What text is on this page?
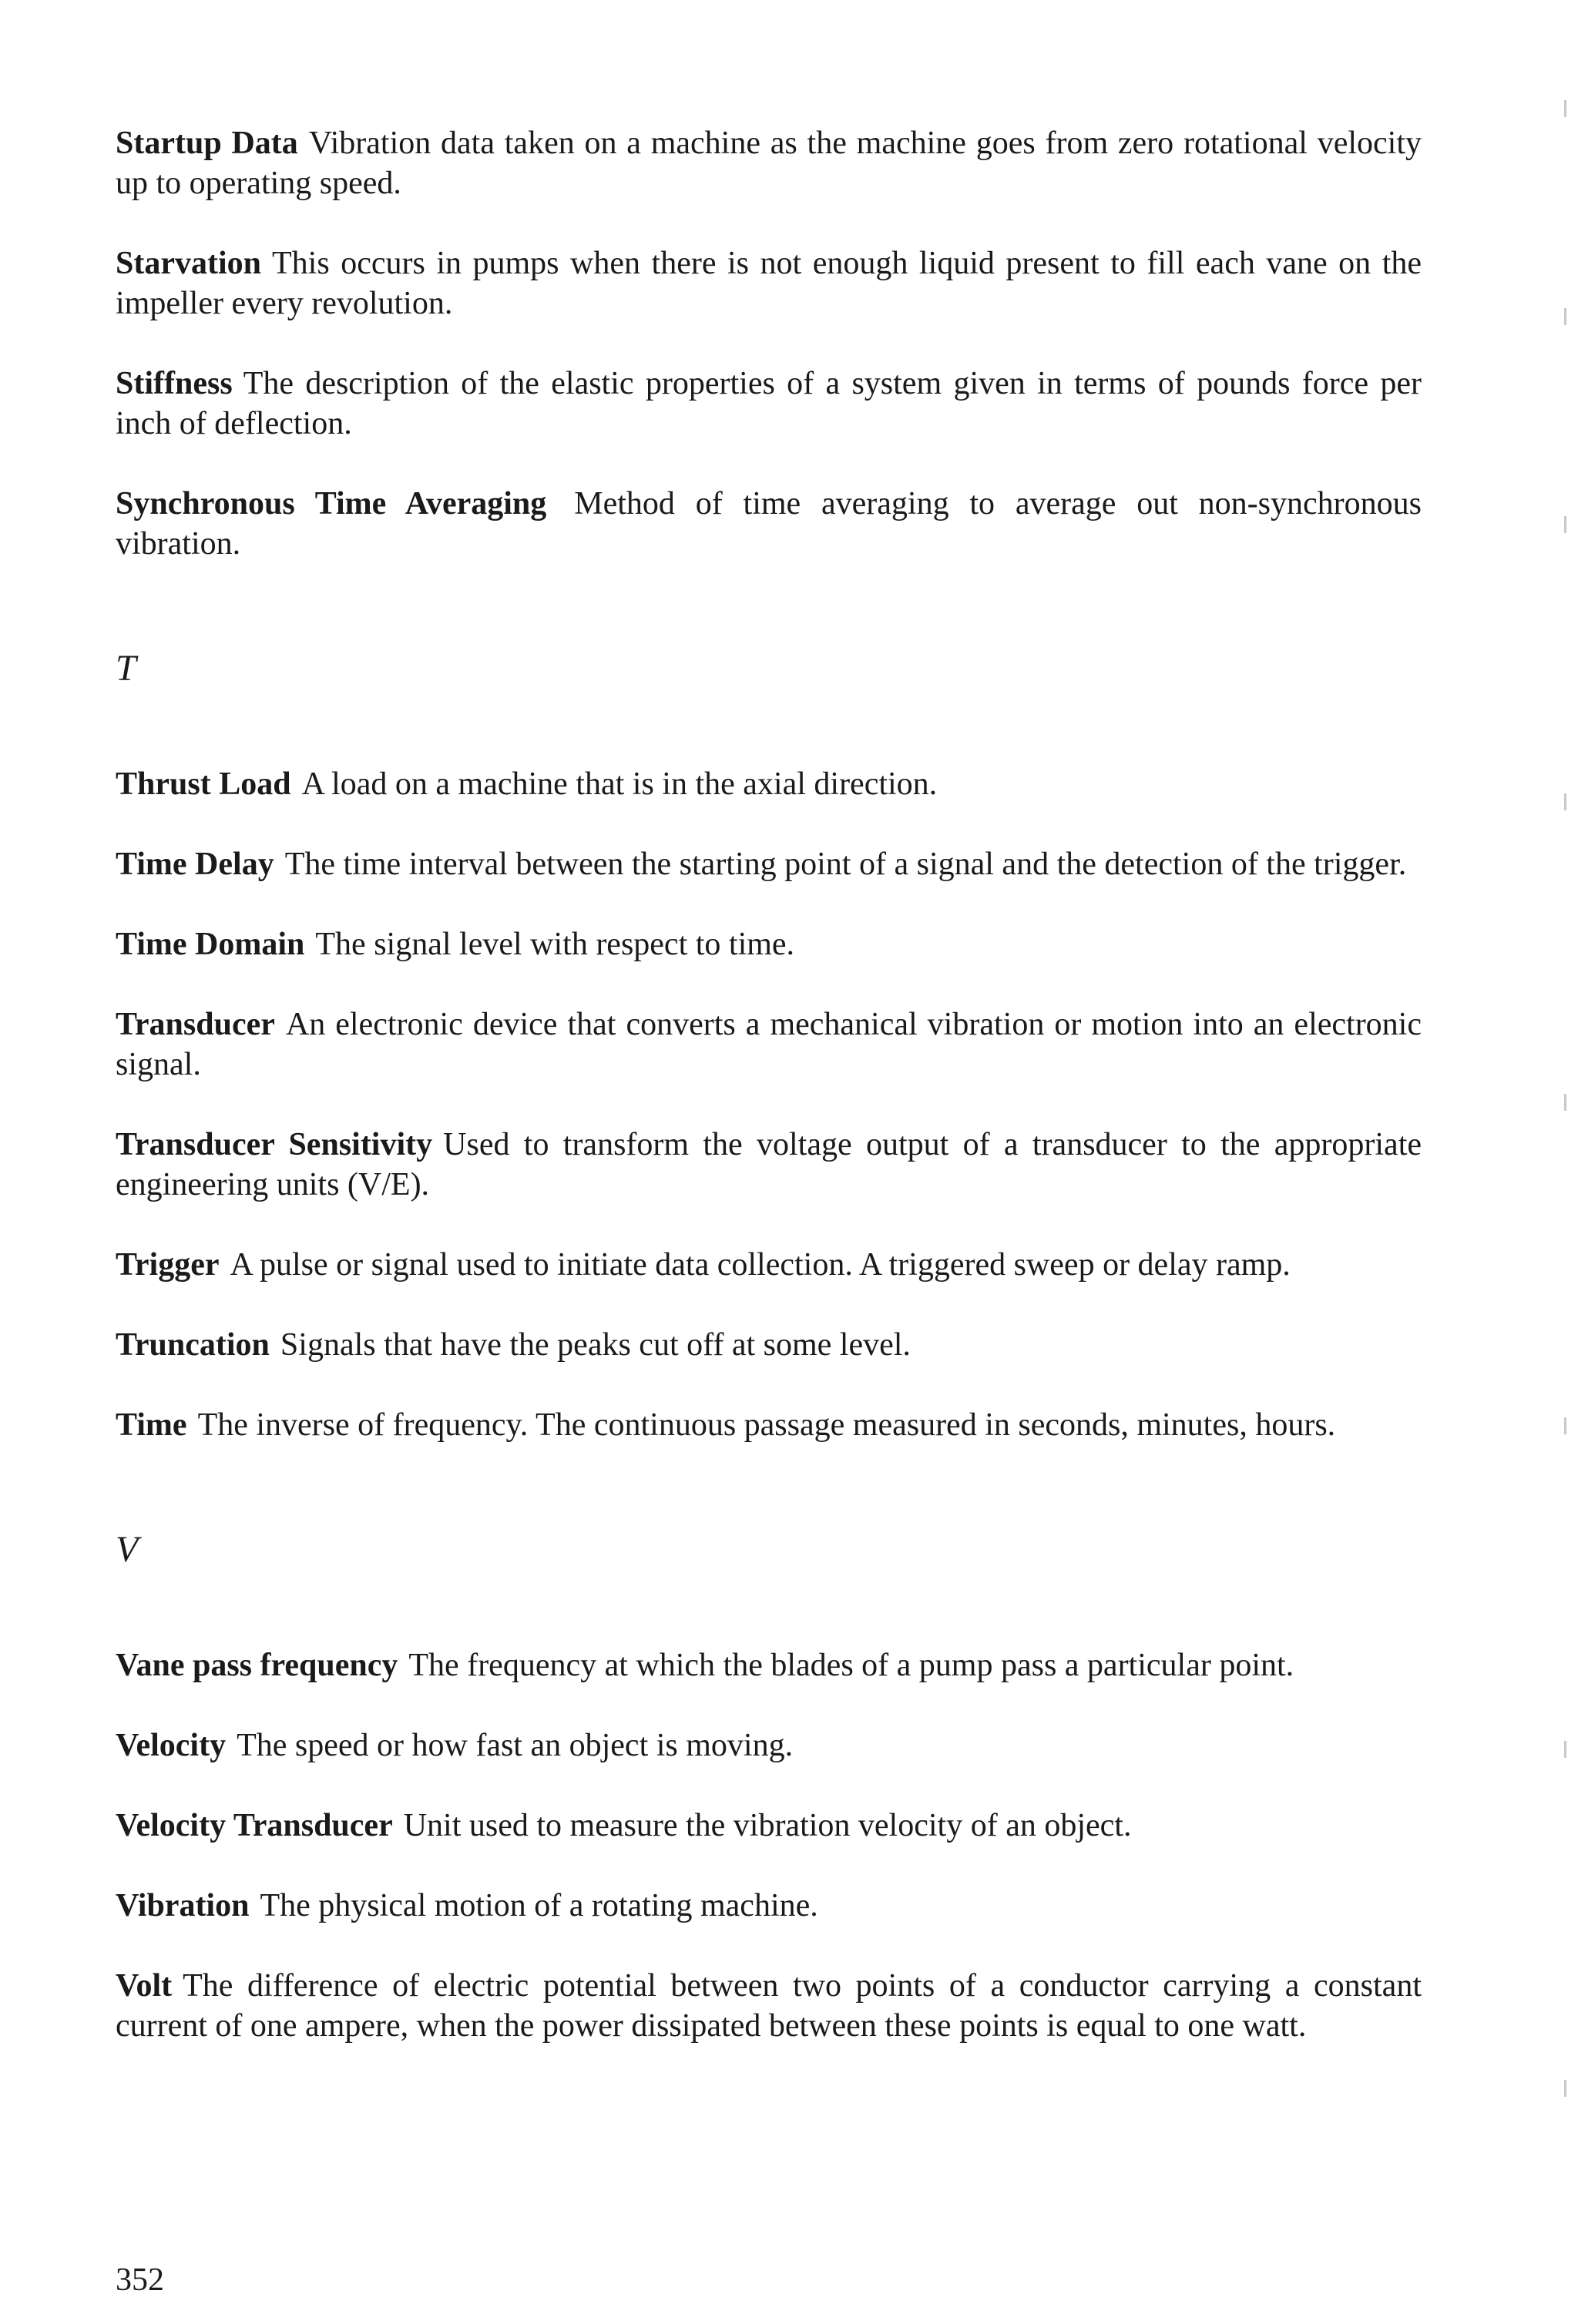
Startup Data Vibration data taken on a machine as the machine goes from zero rotational velocity up to operating speed.

Starvation This occurs in pumps when there is not enough liquid present to fill each vane on the impeller every revolution.

Stiffness The description of the elastic properties of a system given in terms of pounds force per inch of deflection.

Synchronous Time Averaging Method of time averaging to average out non-synchronous vibration.

T

Thrust Load A load on a machine that is in the axial direction.

Time Delay The time interval between the starting point of a signal and the detection of the trigger.

Time Domain The signal level with respect to time.

Transducer An electronic device that converts a mechanical vibration or motion into an electronic signal.

Transducer Sensitivity Used to transform the voltage output of a transducer to the appropriate engineering units (V/E).

Trigger A pulse or signal used to initiate data collection. A triggered sweep or delay ramp.

Truncation Signals that have the peaks cut off at some level.

Time The inverse of frequency. The continuous passage measured in seconds, minutes, hours.

V

Vane pass frequency The frequency at which the blades of a pump pass a particular point.

Velocity The speed or how fast an object is moving.

Velocity Transducer Unit used to measure the vibration velocity of an object.

Vibration The physical motion of a rotating machine.

Volt The difference of electric potential between two points of a conductor carrying a constant current of one ampere, when the power dissipated between these points is equal to one watt.

352
